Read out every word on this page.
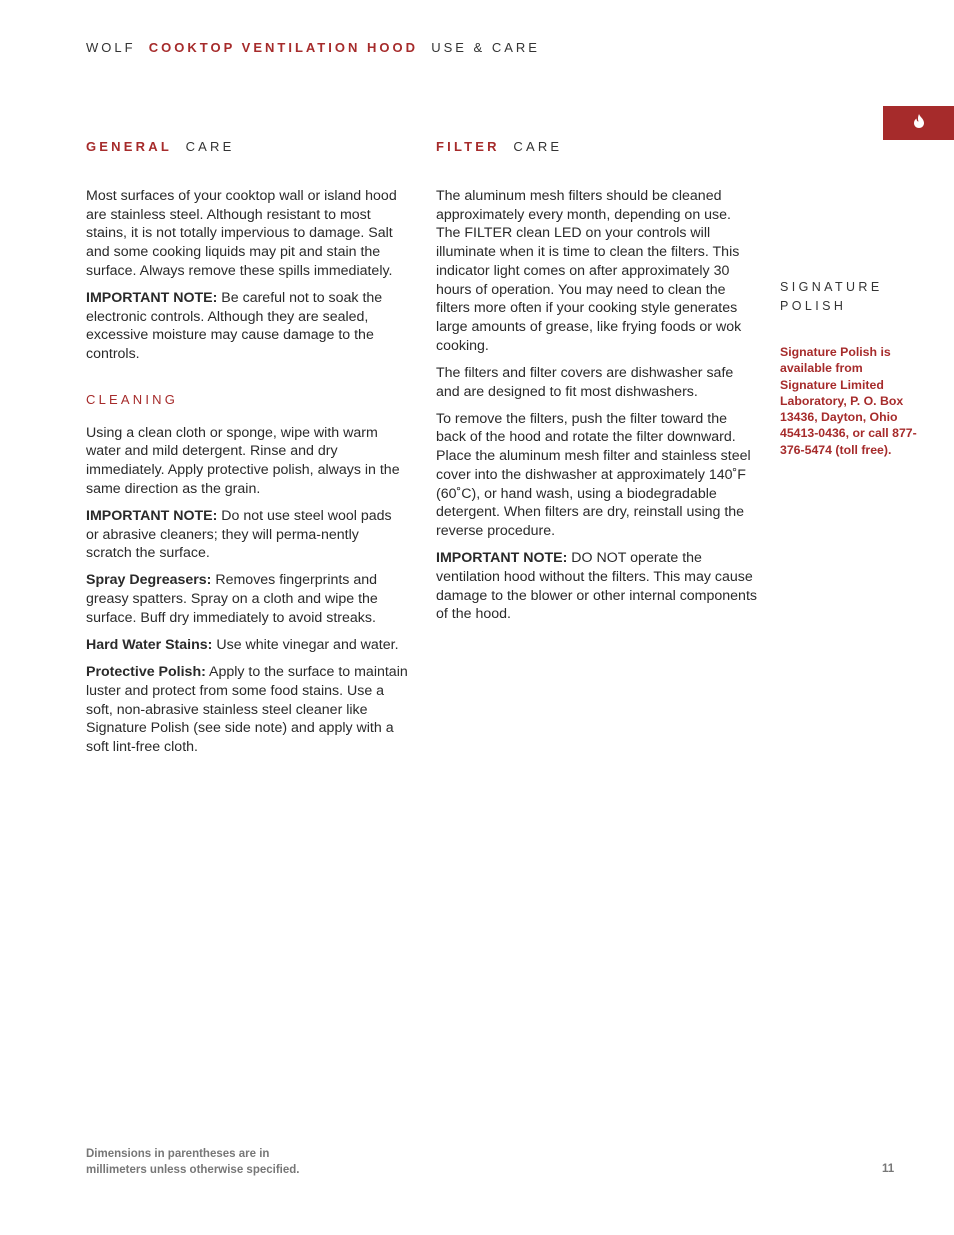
WOLF COOKTOP VENTILATION HOOD USE & CARE
GENERAL CARE	FILTER CARE

Most surfaces of your cooktop wall or island hood are stainless steel. Although resistant to most stains, it is not totally impervious to damage. Salt and some cooking liquids may pit and stain the surface. Always remove these spills immediately.

IMPORTANT NOTE: Be careful not to soak the electronic controls. Although they are sealed, excessive moisture may cause damage to the controls.

CLEANING

Using a clean cloth or sponge, wipe with warm water and mild detergent. Rinse and dry immediately. Apply protective polish, always in the same direction as the grain.

IMPORTANT NOTE: Do not use steel wool pads or abrasive cleaners; they will perma-nently scratch the surface.

Spray Degreasers: Removes fingerprints and greasy spatters. Spray on a cloth and wipe the surface. Buff dry immediately to avoid streaks.

Hard Water Stains: Use white vinegar and water.

Protective Polish: Apply to the surface to maintain luster and protect from some food stains. Use a soft, non-abrasive stainless steel cleaner like Signature Polish (see side note) and apply with a soft lint-free cloth.

The aluminum mesh filters should be cleaned approximately every month, depending on use. The FILTER clean LED on your controls will illuminate when it is time to clean the filters. This indicator light comes on after approximately 30 hours of operation. You may need to clean the filters more often if your cooking style generates large amounts of grease, like frying foods or wok cooking.

The filters and filter covers are dishwasher safe and are designed to fit most dishwashers.

To remove the filters, push the filter toward the back of the hood and rotate the filter downward. Place the aluminum mesh filter and stainless steel cover into the dishwasher at approximately 140˚F (60˚C), or hand wash, using a biodegradable detergent. When filters are dry, reinstall using the reverse procedure.

IMPORTANT NOTE: DO NOT operate the ventilation hood without the filters. This may cause damage to the blower or other internal components of the hood.

SIGNATURE
POLISH
Signature Polish is available from Signature Limited Laboratory, P. O. Box 13436, Dayton, Ohio 45413-0436, or call 877-376-5474 (toll free).
Dimensions in parentheses are in
millimeters unless otherwise specified.	11
